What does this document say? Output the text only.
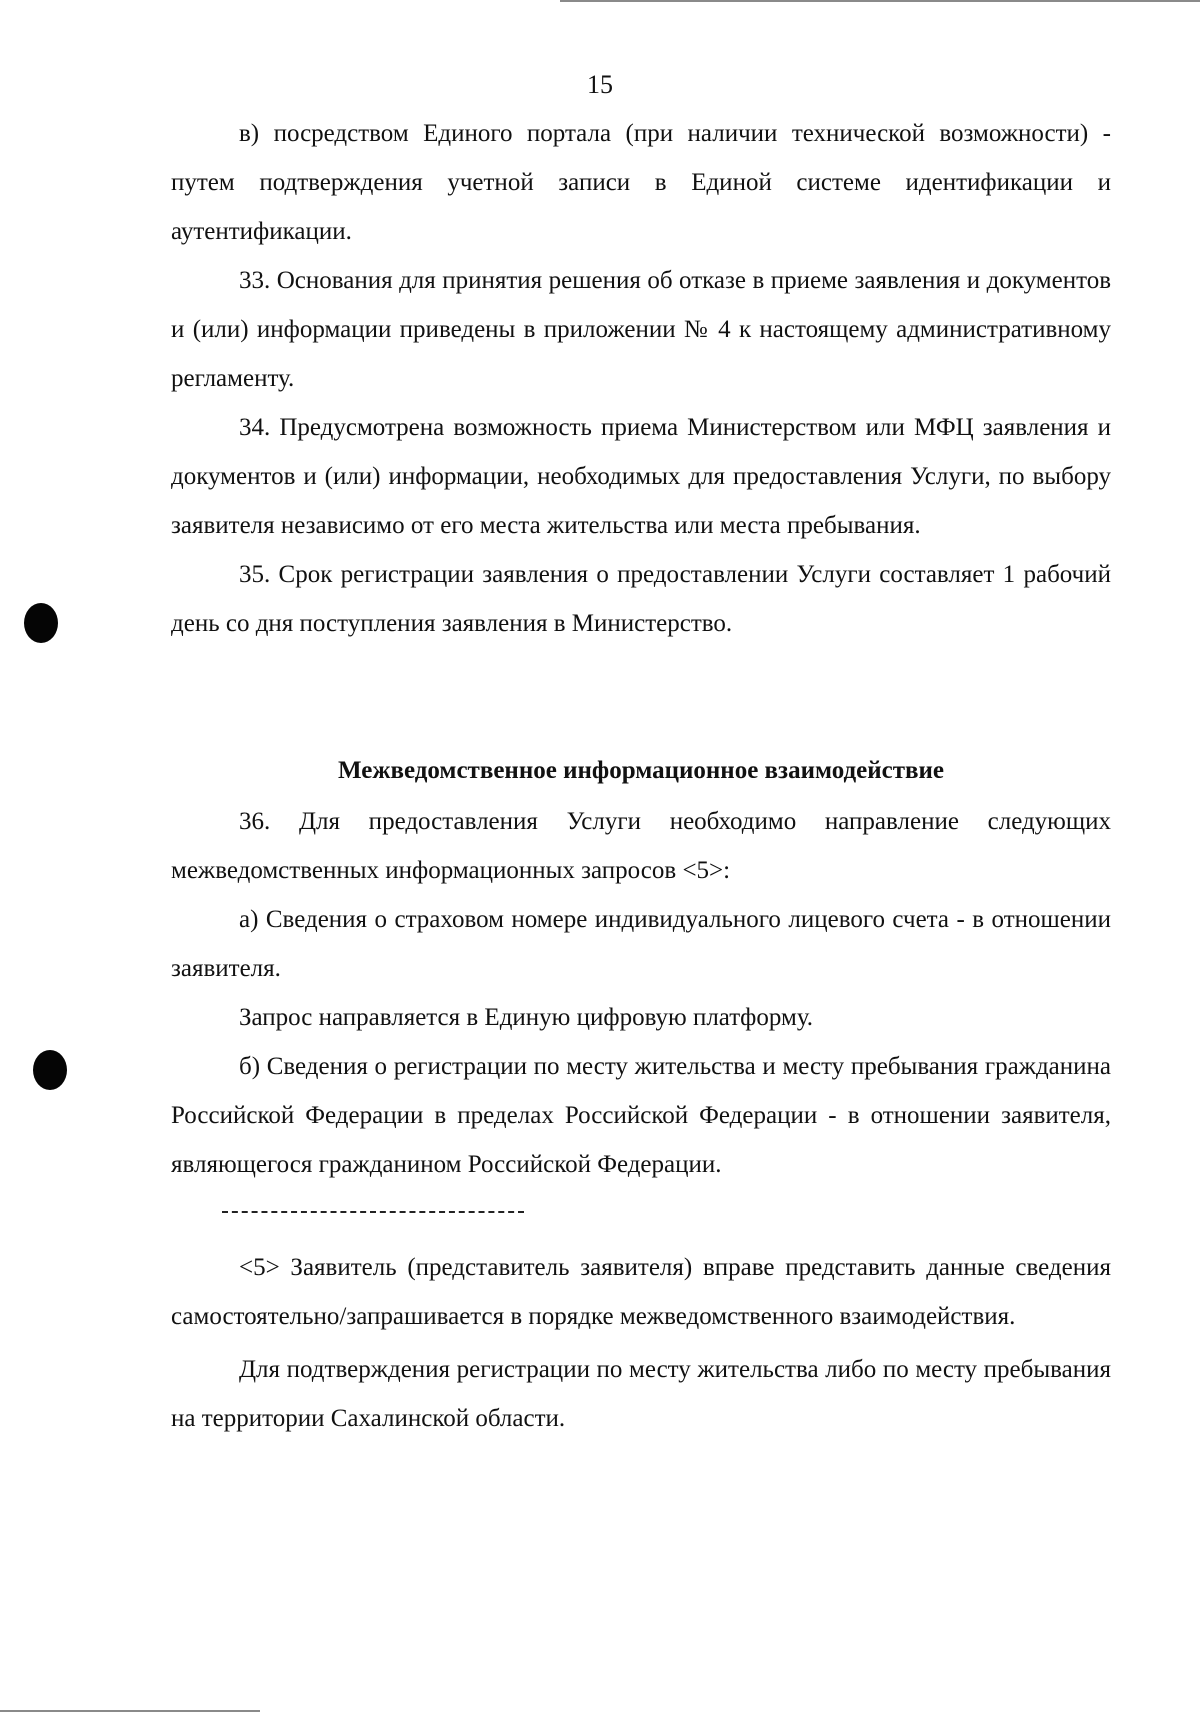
15

в) посредством Единого портала (при наличии технической возможности) - путем подтверждения учетной записи в Единой системе идентификации и аутентификации.

33. Основания для принятия решения об отказе в приеме заявления и документов и (или) информации приведены в приложении № 4 к настоящему административному регламенту.

34. Предусмотрена возможность приема Министерством или МФЦ заявления и документов и (или) информации, необходимых для предоставления Услуги, по выбору заявителя независимо от его места жительства или места пребывания.

35. Срок регистрации заявления о предоставлении Услуги составляет 1 рабочий день со дня поступления заявления в Министерство.

Межведомственное информационное взаимодействие

36. Для предоставления Услуги необходимо направление следующих межведомственных информационных запросов <5>:

а) Сведения о страховом номере индивидуального лицевого счета - в отношении заявителя.

Запрос направляется в Единую цифровую платформу.

б) Сведения о регистрации по месту жительства и месту пребывания гражданина Российской Федерации в пределах Российской Федерации - в отношении заявителя, являющегося гражданином Российской Федерации.

<5> Заявитель (представитель заявителя) вправе представить данные сведения самостоятельно/запрашивается в порядке межведомственного взаимодействия.

Для подтверждения регистрации по месту жительства либо по месту пребывания на территории Сахалинской области.
